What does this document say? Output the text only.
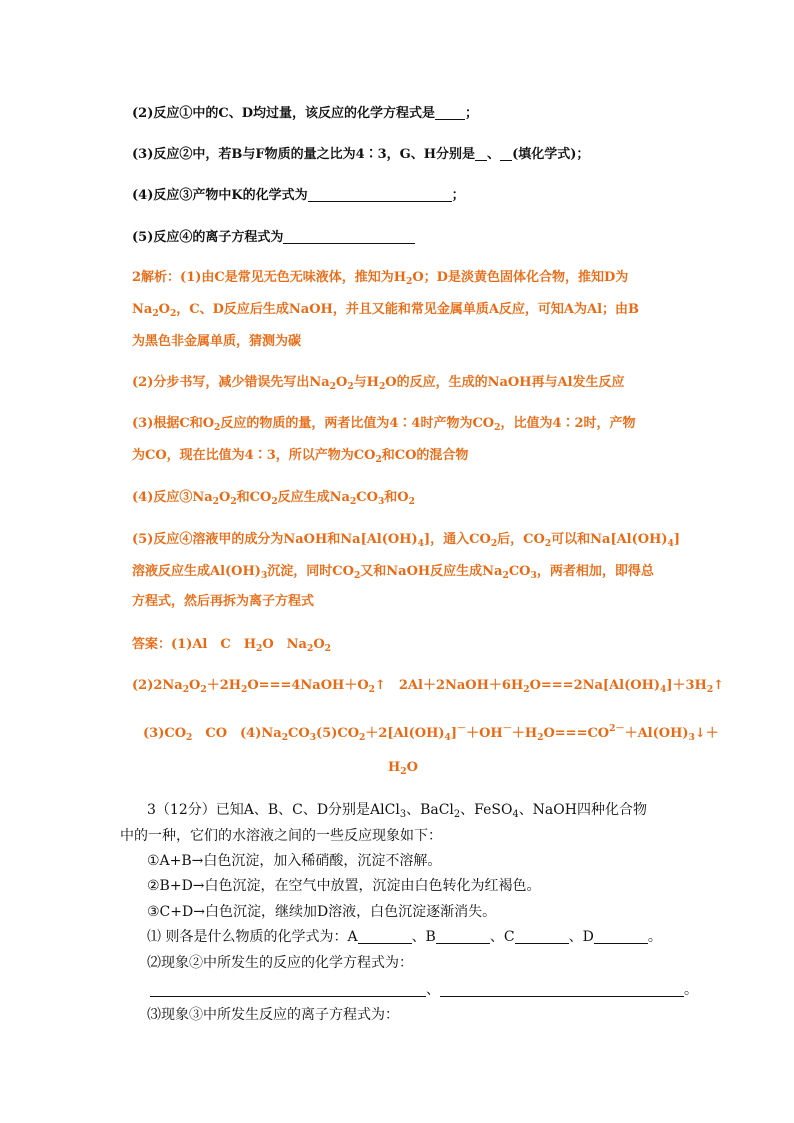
(2)反应①中的C、D均过量，该反应的化学方程式是 ；
(3)反应②中，若B与F物质的量之比为4∶3，G、H分别是 、 (填化学式)；
(4)反应③产物中K的化学式为	；
(5)反应④的离子方程式为
2解析：(1)由C是常见无色无味液体，推知为$H_2O$；D是淡黄色固体化合物，推知D为
$Na_2O_2$，C、D反应后生成NaOH，并且又能和常见金属单质A反应，可知A为Al；由B
为黑色非金属单质，猜测为碳
(2)分步书写，减少错误先写出$Na_2O_2$与$H_2O$的反应，生成的NaOH再与Al发生反应
(3)根据C和$O_2$反应的物质的量，两者比值为4∶4时产物为$CO_2$，比值为4∶2时，产物
为CO，现在比值为4∶3，所以产物为$CO_2$和CO的混合物
(4)反应$③Na_2O_2$和$CO_2$反应生成$Na_2CO_3$和$O_2$
(5)反应④溶液甲的成分为NaOH和$Na[Al(OH)_4]$，通入$CO_2$后，$CO_2$可以和$Na[Al(OH)_4]$
溶液反应生成$Al(OH)_3$沉淀，同时$CO_2$又和NaOH反应生成$Na_2CO_3$，两者相加，即得总
方程式，然后再拆为离子方程式
答案：(1)Al　C　$H_2O$　$Na_2O_2$
$(2)2Na_2O_2+2H_2O===4NaOH+O_2↑$　$2Al+2NaOH+6H_2O===2Na[Al(OH)_4]+3H_2↑$
$(3)CO_2$　CO　$(4)Na_2CO_3(5)CO_2+2[Al(OH)_4]^-+OH^-+H_2O===CO^{2-}+Al(OH)_3↓+$
$H_2O$
3（12分）已知A、B、C、D分别是AlCl$_3$、BaCl$_2$、FeSO$_4$、NaOH四种化合物
中的一种，它们的水溶液之间的一些反应现象如下：
①A+B→白色沉淀，加入稀硝酸，沉淀不溶解。
②B+D→白色沉淀，在空气中放置，沉淀由白色转化为红褐色。
③C+D→白色沉淀，继续加D溶液，白色沉淀逐渐消失。
⑴ 则各是什么物质的化学式为：A	、B	、C	、D	。
⑵现象②中所发生的反应的化学方程式为：
、	。
⑶现象③中所发生反应的离子方程式为：
